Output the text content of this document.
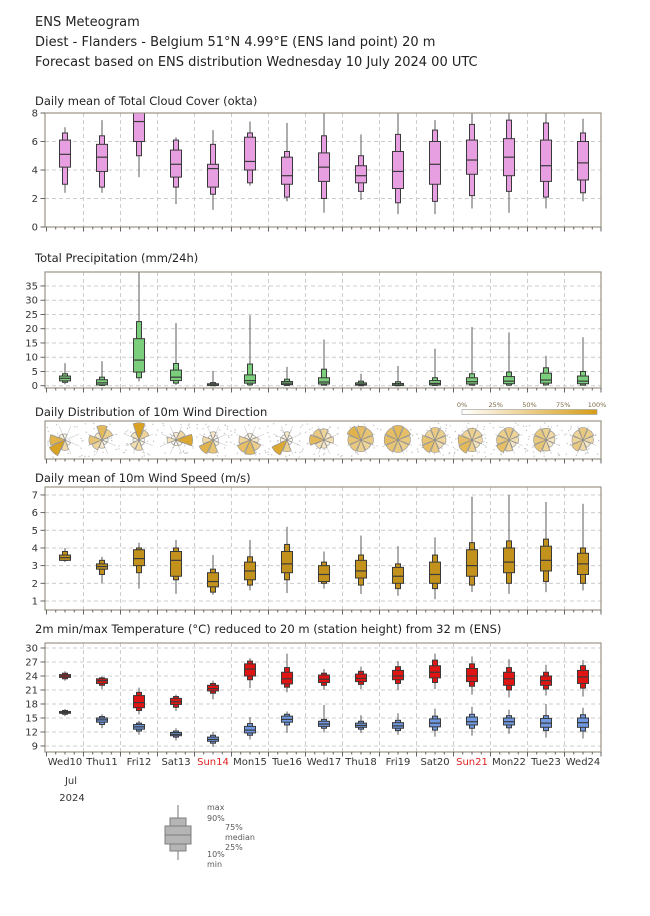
ENS Meteogram
Diest - Flanders - Belgium 51°N 4.99°E (ENS land point) 20 m
Forecast based on ENS distribution Wednesday 10 July 2024 00 UTC
Daily mean of Total Cloud Cover (okta)
0
2
4
6
8
Total Precipitation (mm/24h)
0
5
10
15
20
25
30
35
Daily Distribution of 10m Wind Direction	0%	25%	50%	75%	100%
Daily mean of 10m Wind Speed (m/s)
1
2
3
4
5
6
7
2m min/max Temperature (°C) reduced to 20 m (station height) from 32 m (ENS)
9
12
15
18
21
24
27
30
Wed10 Thu11 Fri12 Sat13 Sun14 Mon15 Tue16 Wed17 Thu18 Fri19 Sat20 Sun21 Mon22 Tue23 Wed24
Jul
2024
max
90%
75%
median
25%
10%
min
